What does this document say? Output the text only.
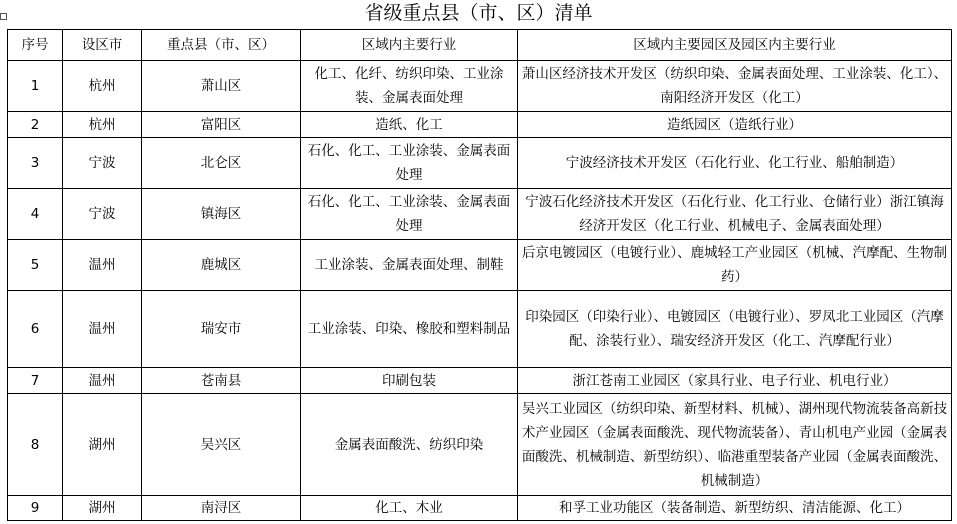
省级重点县（市、区）清单
序号	设区市	重点县（市、区）	区域内主要行业	区域内主要园区及园区内主要行业
1	杭州	萧山区	化工、化纤、纺织印染、工业涂装、金属表面处理	萧山区经济技术开发区（纺织印染、金属表面处理、工业涂装、化工）、南阳经济开发区（化工）
2	杭州	富阳区	造纸、化工	造纸园区（造纸行业）
3	宁波	北仑区	石化、化工、工业涂装、金属表面处理	宁波经济技术开发区（石化行业、化工行业、船舶制造）
4	宁波	镇海区	石化、化工、工业涂装、金属表面处理	宁波石化经济技术开发区（石化行业、化工行业、仓储行业）浙江镇海经济开发区（化工行业、机械电子、金属表面处理）
5	温州	鹿城区	工业涂装、金属表面处理、制鞋	后京电镀园区（电镀行业）、鹿城轻工产业园区（机械、汽摩配、生物制药）
6	温州	瑞安市	工业涂装、印染、橡胶和塑料制品	印染园区（印染行业）、电镀园区（电镀行业）、罗凤北工业园区（汽摩配、涂装行业）、瑞安经济开发区（化工、汽摩配行业）
7	温州	苍南县	印刷包装	浙江苍南工业园区（家具行业、电子行业、机电行业）
8	湖州	吴兴区	金属表面酸洗、纺织印染	吴兴工业园区（纺织印染、新型材料、机械）、湖州现代物流装备高新技术产业园区（金属表面酸洗、现代物流装备）、青山机电产业园（金属表面酸洗、机械制造、新型纺织）、临港重型装备产业园（金属表面酸洗、机械制造）
9	湖州	南浔区	化工、木业	和孚工业功能区（装备制造、新型纺织、清洁能源、化工）
